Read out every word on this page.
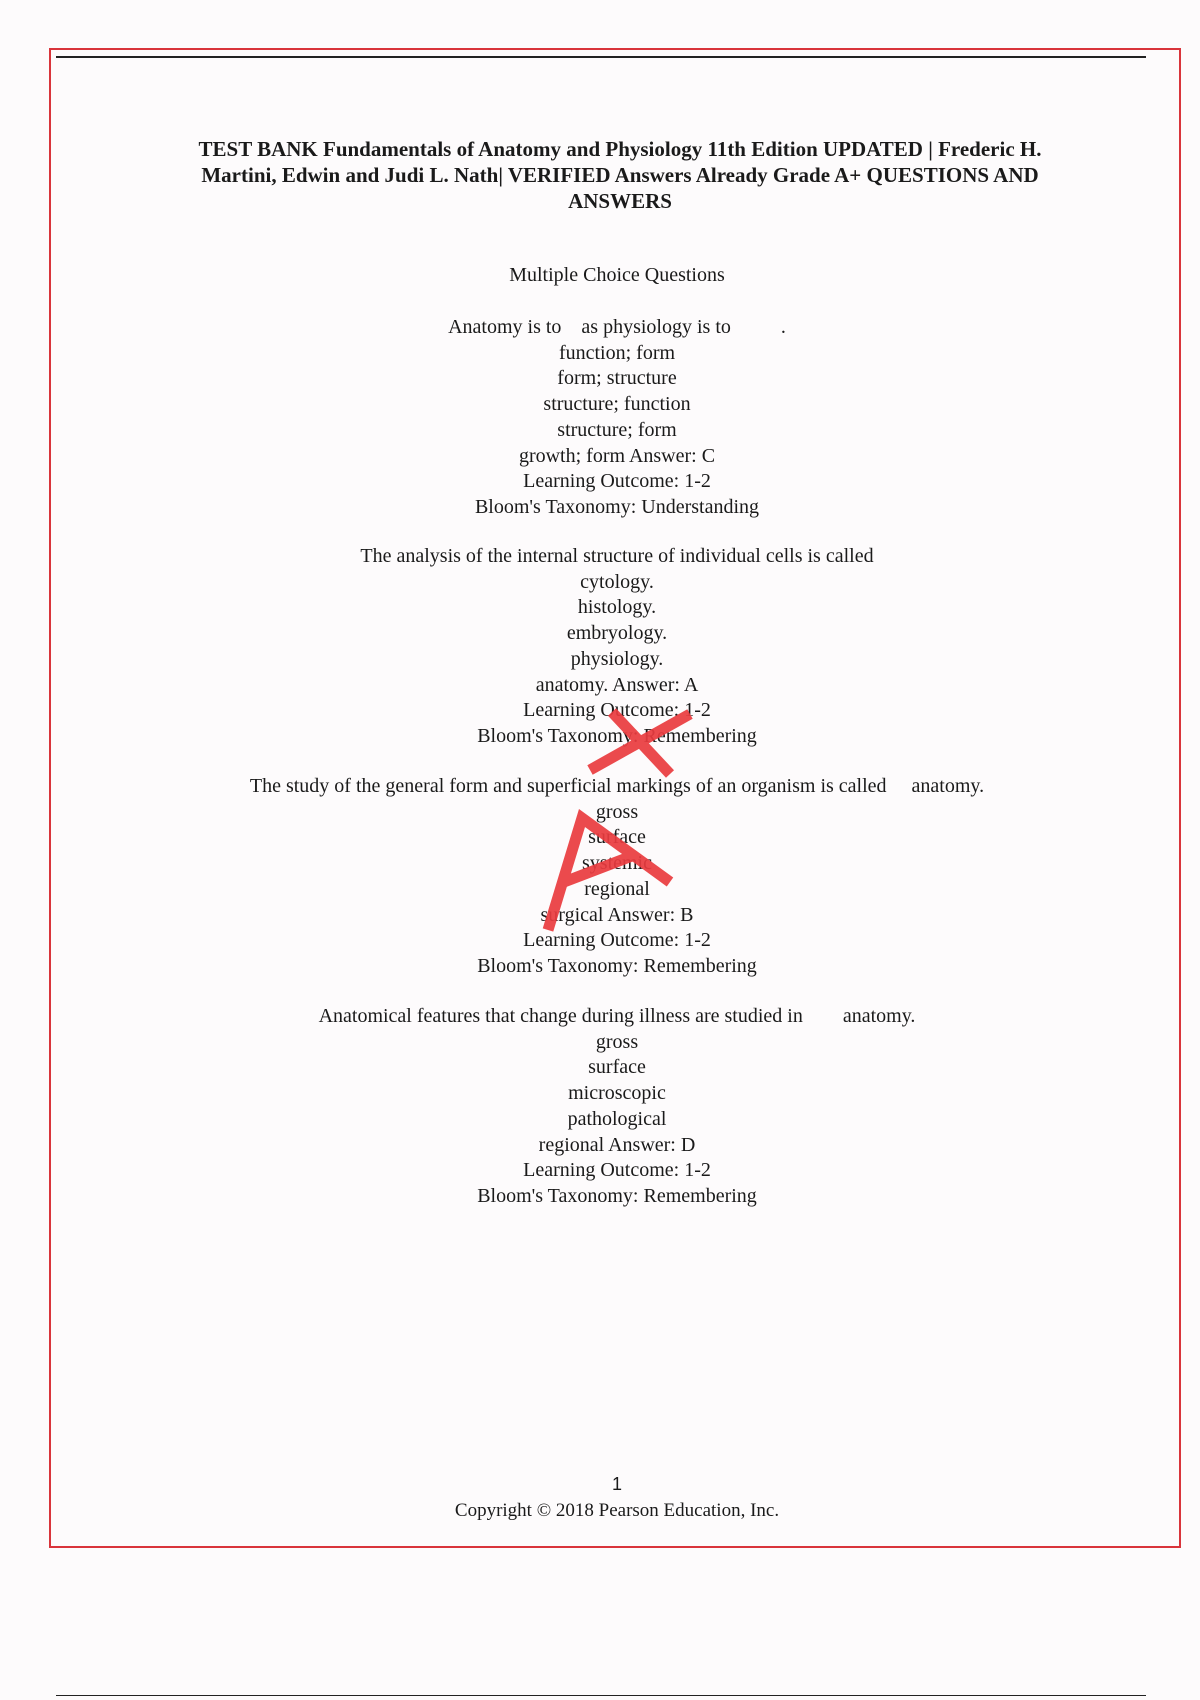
TEST BANK Fundamentals of Anatomy and Physiology 11th Edition UPDATED | Frederic H. Martini, Edwin and Judi L. Nath| VERIFIED Answers Already Grade A+ QUESTIONS AND ANSWERS
Multiple Choice Questions
Anatomy is to    as physiology is to          .
function; form
form; structure
structure; function
structure; form
growth; form Answer: C
Learning Outcome: 1-2
Bloom's Taxonomy: Understanding
The analysis of the internal structure of individual cells is called
cytology.
histology.
embryology.
physiology.
anatomy. Answer: A
Learning Outcome: 1-2
Bloom's Taxonomy: Remembering
The study of the general form and superficial markings of an organism is called     anatomy.
gross
surface
systemic
regional
surgical Answer: B
Learning Outcome: 1-2
Bloom's Taxonomy: Remembering
Anatomical features that change during illness are studied in        anatomy.
gross
surface
microscopic
pathological
regional Answer: D
Learning Outcome: 1-2
Bloom's Taxonomy: Remembering
1
Copyright © 2018 Pearson Education, Inc.
